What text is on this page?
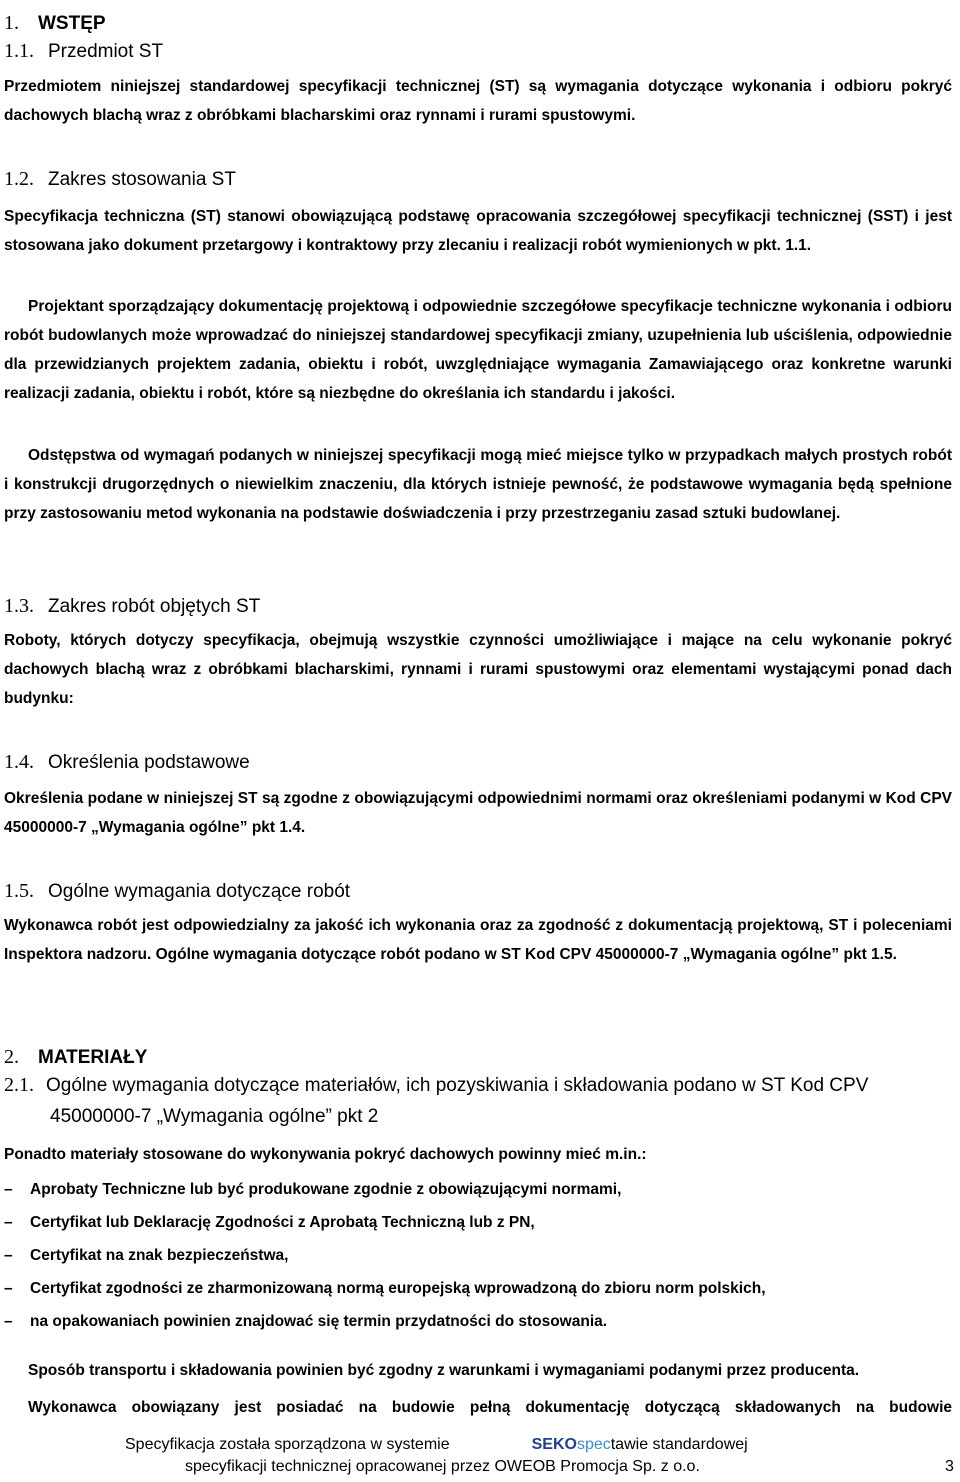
1. WSTĘP
1.1. Przedmiot ST

Przedmiotem niniejszej standardowej specyfikacji technicznej (ST) są wymagania dotyczące wykonania i odbioru pokryć dachowych blachą wraz z obróbkami blacharskimi oraz rynnami i rurami spustowymi.

1.2. Zakres stosowania ST

Specyfikacja techniczna (ST) stanowi obowiązującą podstawę opracowania szczegółowej specyfikacji technicznej (SST) i jest stosowana jako dokument przetargowy i kontraktowy przy zlecaniu i realizacji robót wymienionych w pkt. 1.1.

Projektant sporządzający dokumentację projektową i odpowiednie szczegółowe specyfikacje techniczne wykonania i odbioru robót budowlanych może wprowadzać do niniejszej standardowej specyfikacji zmiany, uzupełnienia lub uściślenia, odpowiednie dla przewidzianych projektem zadania, obiektu i robót, uwzględniające wymagania Zamawiającego oraz konkretne warunki realizacji zadania, obiektu i robót, które są niezbędne do określania ich standardu i jakości.

Odstępstwa od wymagań podanych w niniejszej specyfikacji mogą mieć miejsce tylko w przypadkach małych prostych robót i konstrukcji drugorzędnych o niewielkim znaczeniu, dla których istnieje pewność, że podstawowe wymagania będą spełnione przy zastosowaniu metod wykonania na podstawie doświadczenia i przy przestrzeganiu zasad sztuki budowlanej.

1.3. Zakres robót objętych ST

Roboty, których dotyczy specyfikacja, obejmują wszystkie czynności umożliwiające i mające na celu wykonanie pokryć dachowych blachą wraz z obróbkami blacharskimi, rynnami i rurami spustowymi oraz elementami wystającymi ponad dach budynku:

1.4. Określenia podstawowe

Określenia podane w niniejszej ST są zgodne z obowiązującymi odpowiednimi normami oraz określeniami podanymi w Kod CPV 45000000-7 „Wymagania ogólne” pkt 1.4.

1.5. Ogólne wymagania dotyczące robót

Wykonawca robót jest odpowiedzialny za jakość ich wykonania oraz za zgodność z dokumentacją projektową, ST i poleceniami Inspektora nadzoru. Ogólne wymagania dotyczące robót podano w ST Kod CPV 45000000-7 „Wymagania ogólne” pkt 1.5.

2. MATERIAŁY
2.1. Ogólne wymagania dotyczące materiałów, ich pozyskiwania i składowania podano w ST Kod CPV
45000000-7 „Wymagania ogólne” pkt 2

Ponadto materiały stosowane do wykonywania pokryć dachowych powinny mieć m.in.:

– Aprobaty Techniczne lub być produkowane zgodnie z obowiązującymi normami,
– Certyfikat lub Deklarację Zgodności z Aprobatą Techniczną lub z PN,
– Certyfikat na znak bezpieczeństwa,
– Certyfikat zgodności ze zharmonizowaną normą europejską wprowadzoną do zbioru norm polskich,
– na opakowaniach powinien znajdować się termin przydatności do stosowania.

Sposób transportu i składowania powinien być zgodny z warunkami i wymaganiami podanymi przez producenta.

Wykonawca obowiązany jest posiadać na budowie pełną dokumentację dotyczącą składowanych na budowie

Specyfikacja została sporządzona w systemie	SEKOspectawie standardowej
specyfikacji technicznej opracowanej przez OWEOB Promocja Sp. z o.o.	3
